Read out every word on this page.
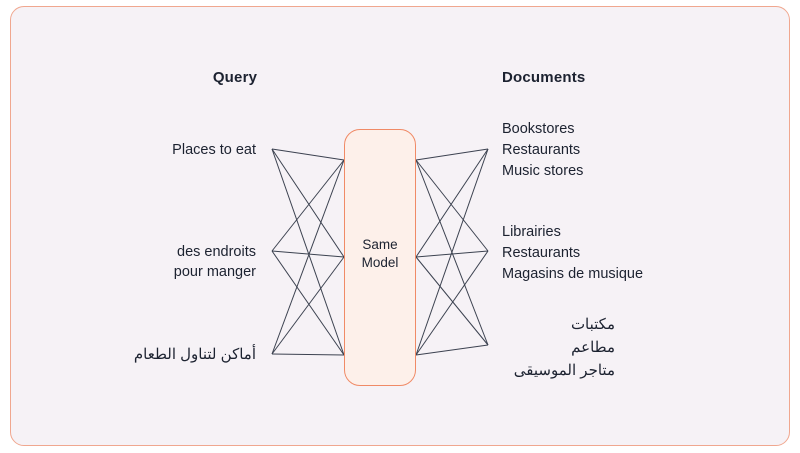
Query	Documents
Places to eat
des endroits
pour manger
أماكن لتناول الطعام
Same
Model
Bookstores
Restaurants
Music stores
Librairies
Restaurants
Magasins de musique
مكتبات
مطاعم
متاجر الموسيقى
